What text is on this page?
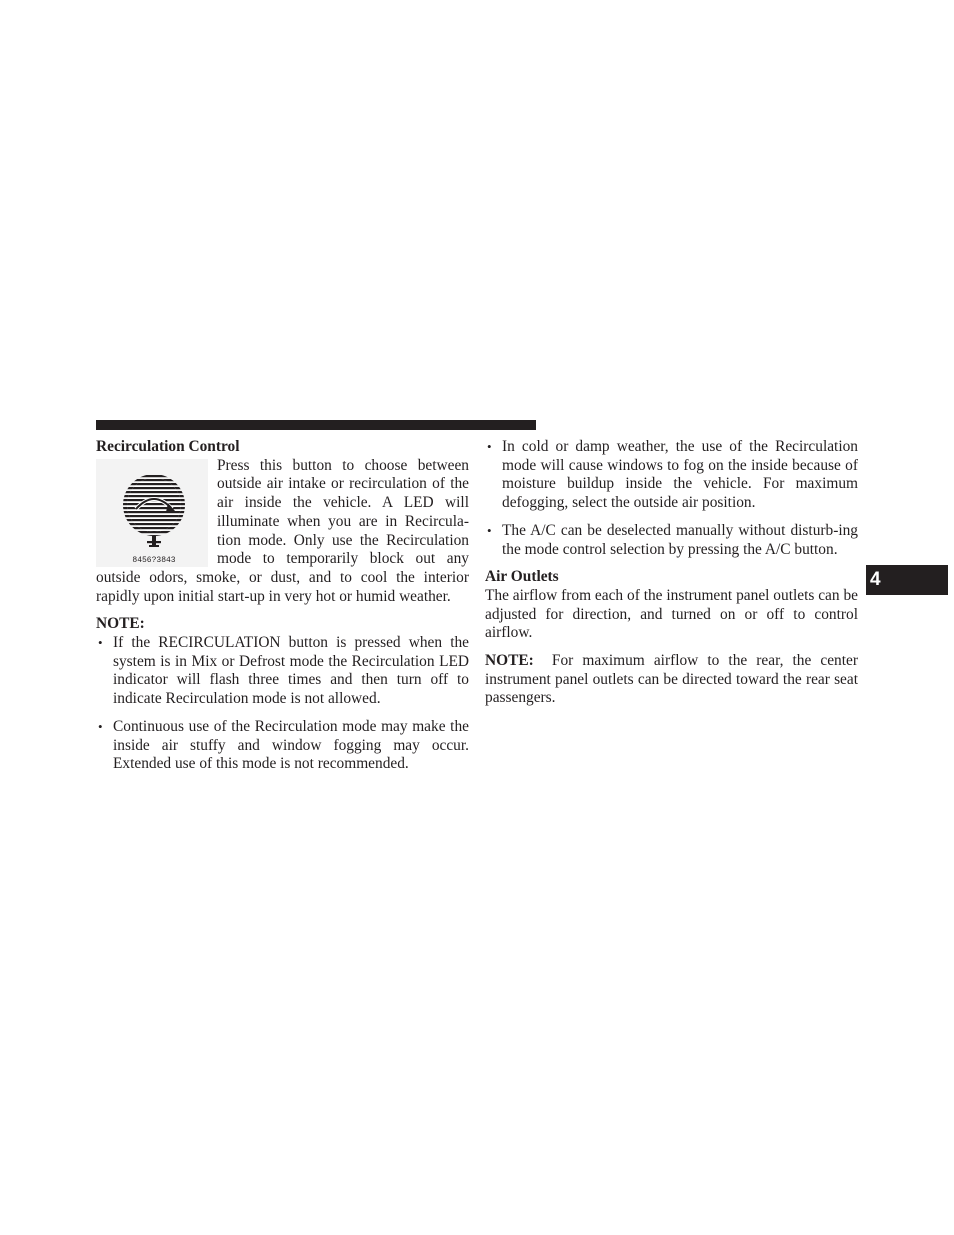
Recirculation Control
8456?3843

Press this button to choose between outside air intake or recirculation of the air inside the vehicle. A LED will illuminate when you are in Recircula-tion mode. Only use the Recirculation mode to temporarily block out any outside odors, smoke, or dust, and to cool the interior rapidly upon initial start-up in very hot or humid weather.

NOTE:
• If the RECIRCULATION button is pressed when the system is in Mix or Defrost mode the Recirculation LED indicator will flash three times and then turn off to indicate Recirculation mode is not allowed.
• Continuous use of the Recirculation mode may make the inside air stuffy and window fogging may occur. Extended use of this mode is not recommended.
• In cold or damp weather, the use of the Recirculation mode will cause windows to fog on the inside because of moisture buildup inside the vehicle. For maximum defogging, select the outside air position.
• The A/C can be deselected manually without disturb-ing the mode control selection by pressing the A/C button.
Air Outlets

The airflow from each of the instrument panel outlets can be adjusted for direction, and turned on or off to control airflow.

NOTE: For maximum airflow to the rear, the center instrument panel outlets can be directed toward the rear seat passengers.

4
